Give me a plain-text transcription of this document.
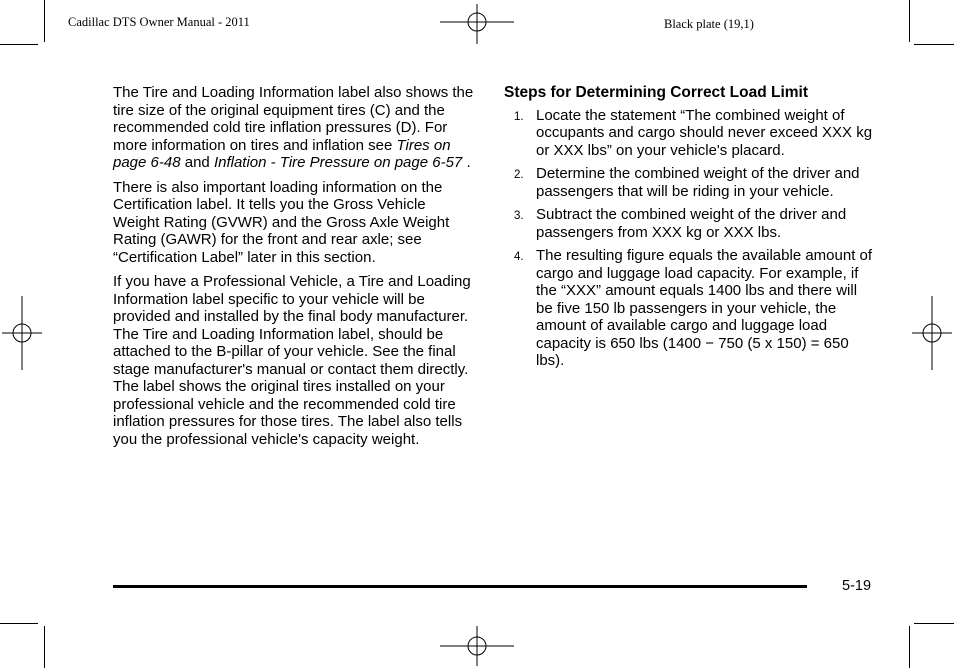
Cadillac DTS Owner Manual - 2011	Black plate (19,1)

The Tire and Loading Information label also shows the tire size of the original equipment tires (C) and the recommended cold tire inflation pressures (D). For more information on tires and inflation see Tires on page 6-48 and Inflation - Tire Pressure on page 6-57 .

There is also important loading information on the Certification label. It tells you the Gross Vehicle Weight Rating (GVWR) and the Gross Axle Weight Rating (GAWR) for the front and rear axle; see “Certification Label” later in this section.

If you have a Professional Vehicle, a Tire and Loading Information label specific to your vehicle will be provided and installed by the final body manufacturer. The Tire and Loading Information label, should be attached to the B-pillar of your vehicle. See the final stage manufacturer's manual or contact them directly. The label shows the original tires installed on your professional vehicle and the recommended cold tire inflation pressures for those tires. The label also tells you the professional vehicle's capacity weight.

Steps for Determining Correct Load Limit
1. Locate the statement “The combined weight of occupants and cargo should never exceed XXX kg or XXX lbs” on your vehicle's placard.
2. Determine the combined weight of the driver and passengers that will be riding in your vehicle.
3. Subtract the combined weight of the driver and passengers from XXX kg or XXX lbs.
4. The resulting figure equals the available amount of cargo and luggage load capacity. For example, if the “XXX” amount equals 1400 lbs and there will be five 150 lb passengers in your vehicle, the amount of available cargo and luggage load capacity is 650 lbs (1400 − 750 (5 x 150) = 650 lbs).
5-19
